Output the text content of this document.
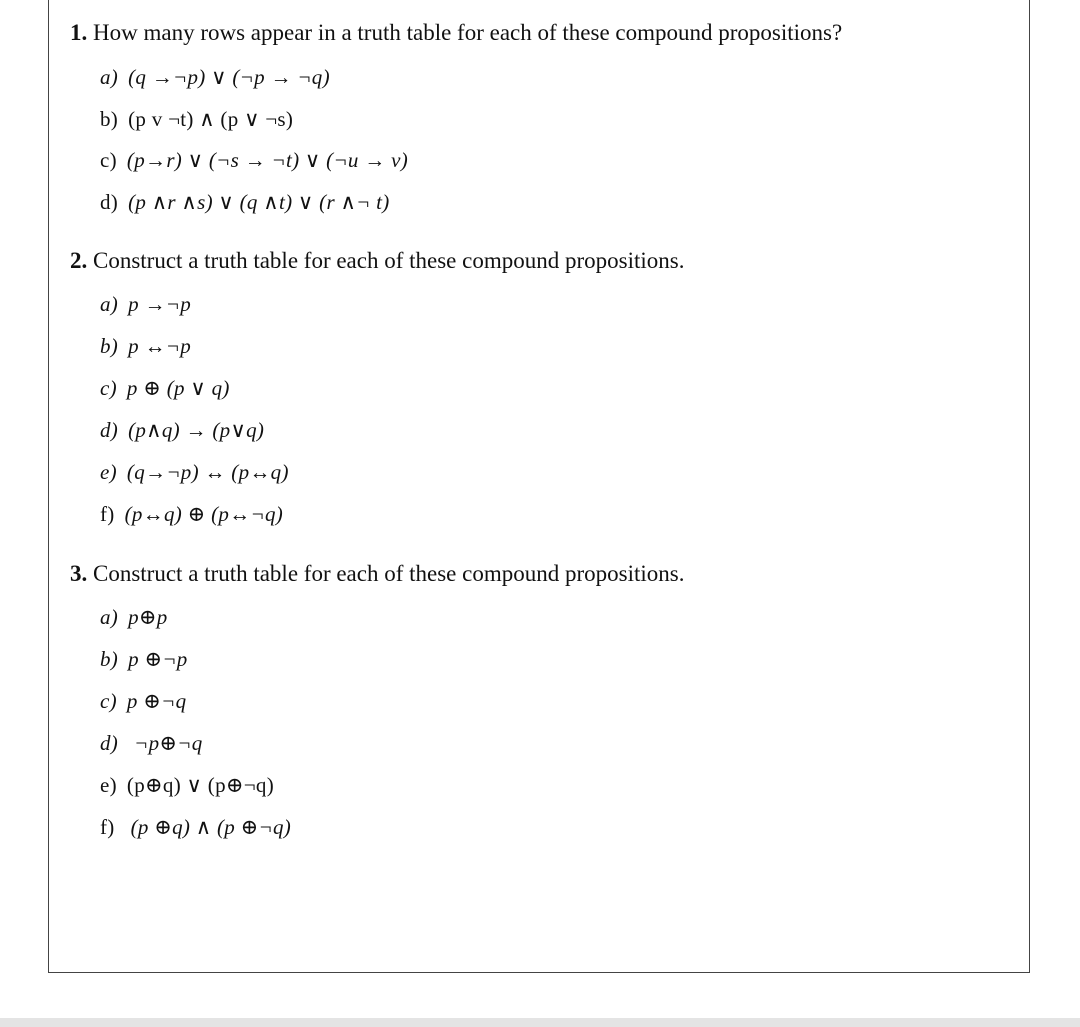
1. How many rows appear in a truth table for each of these compound propositions?
a) (q →¬p) ∨ (¬p → ¬q)
b) (p v ¬t) ∧ (p ∨ ¬s)
c) (p→r) ∨ (¬s → ¬t) ∨ (¬u → v)
d) (p ∧r ∧s) ∨ (q ∧t) ∨ (r ∧¬ t)
2. Construct a truth table for each of these compound propositions.
a) p →¬p
b) p ↔¬p
c) p ⊕ (p ∨ q)
d) (p∧q) → (p∨q)
e) (q→¬p) ↔ (p↔q)
f) (p↔q) ⊕ (p↔¬q)
3. Construct a truth table for each of these compound propositions.
a) p⊕p
b) p ⊕¬p
c) p ⊕¬q
d) ¬p⊕¬q
e) (p⊕q) ∨ (p⊕¬q)
f) (p ⊕q) ∧ (p ⊕¬q)
